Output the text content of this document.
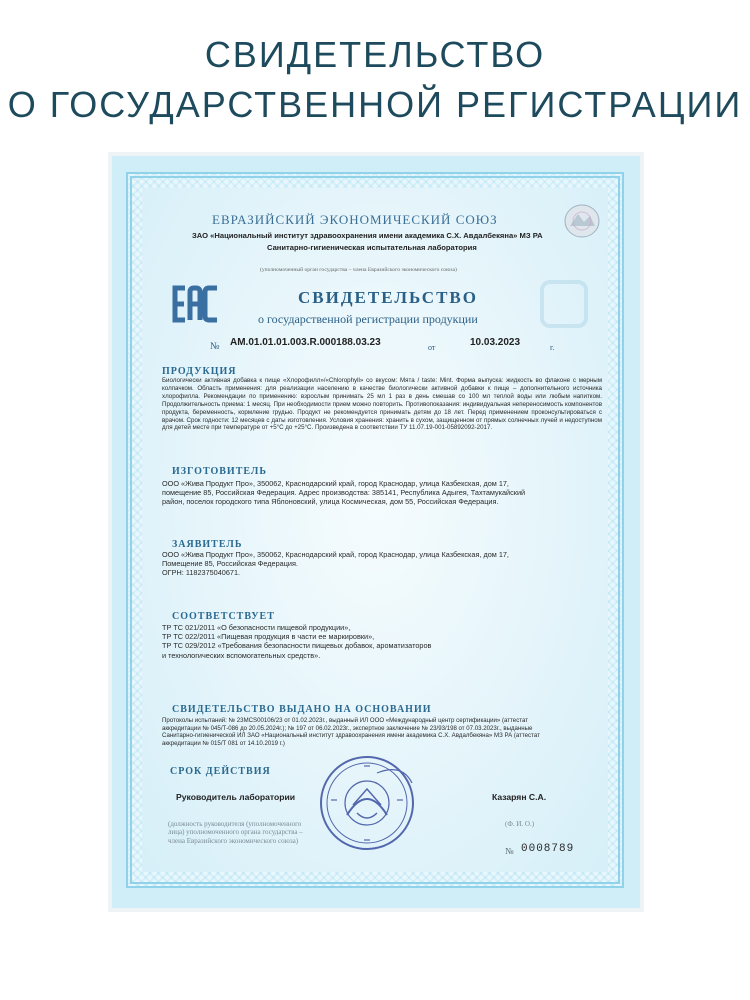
СВИДЕТЕЛЬСТВО
О ГОСУДАРСТВЕННОЙ РЕГИСТРАЦИИ
ЕВРАЗИЙСКИЙ ЭКОНОМИЧЕСКИЙ СОЮЗ
ЗАО «Национальный институт здравоохранения имени академика С.Х. Авдалбекяна» МЗ РА
Санитарно-гигиеническая испытательная лаборатория
(уполномоченный орган государства – члена Евразийского экономического союза)
СВИДЕТЕЛЬСТВО
о государственной регистрации продукции
№ AM.01.01.01.003.R.000188.03.23	от	10.03.2023	г.
ПРОДУКЦИЯ
Биологически активная добавка к пище «Хлорофилл»/«Chlorophyll» со вкусом: Мята / taste: Mint. Форма выпуска: жидкость во флаконе с мерным колпачком. Область применения: для реализации населению в качестве биологически активной добавки к пище – дополнительного источника хлорофилла. Рекомендации по применению: взрослым принимать 25 мл 1 раз в день смешав со 100 мл теплой воды или любым напитком. Продолжительность приема: 1 месяц. При необходимости прием можно повторить. Противопоказания: индивидуальная непереносимость компонентов продукта, беременность, кормление грудью. Продукт не рекомендуется принимать детям до 18 лет. Перед применением проконсультироваться с врачом. Срок годности: 12 месяцев с даты изготовления. Условия хранения: хранить в сухом, защищенном от прямых солнечных лучей и недоступном для детей месте при температуре от +5°С до +25°С. Произведена в соответствии ТУ 11.07.19-001-05892092-2017.
ИЗГОТОВИТЕЛЬ
ООО «Жива Продукт Про», 350062, Краснодарский край, город Краснодар, улица Казбекская, дом 17,
помещение 85, Российская Федерация. Адрес производства: 385141, Республика Адыгея, Тахтамукайский
район, поселок городского типа Яблоновский, улица Космическая, дом 55, Российская Федерация.
ЗАЯВИТЕЛЬ
ООО «Жива Продукт Про», 350062, Краснодарский край, город Краснодар, улица Казбекская, дом 17,
Помещение 85, Российская Федерация.
ОГРН: 1182375040671.
СООТВЕТСТВУЕТ
ТР ТС 021/2011 «О безопасности пищевой продукции»,
ТР ТС 022/2011 «Пищевая продукция в части ее маркировки»,
ТР ТС 029/2012 «Требования безопасности пищевых добавок, ароматизаторов
и технологических вспомогательных средств».
СВИДЕТЕЛЬСТВО ВЫДАНО НА ОСНОВАНИИ
Протоколы испытаний: № 23MCS00106/23 от 01.02.2023г., выданный ИЛ ООО «Международный центр сертификации» (аттестат
аккредитации № 045/Т-086 до 20.05.2024г.); № 197 от 06.02.2023г., экспертное заключение № 23/93/198 от 07.03.2023г., выданные
Санитарно-гигиенической ИЛ ЗАО «Национальный институт здравоохранения имени академика С.Х. Авдалбекяна» МЗ РА (аттестат
аккредитации № 015/Т 081 от 14.10.2019 г.)
СРОК ДЕЙСТВИЯ
Руководитель лаборатории	Казарян С.А.
(должность руководителя (уполномоченного лица) уполномоченного органа государства – члена Евразийского экономического союза)
(Ф. И. О.)
№ 0008789
